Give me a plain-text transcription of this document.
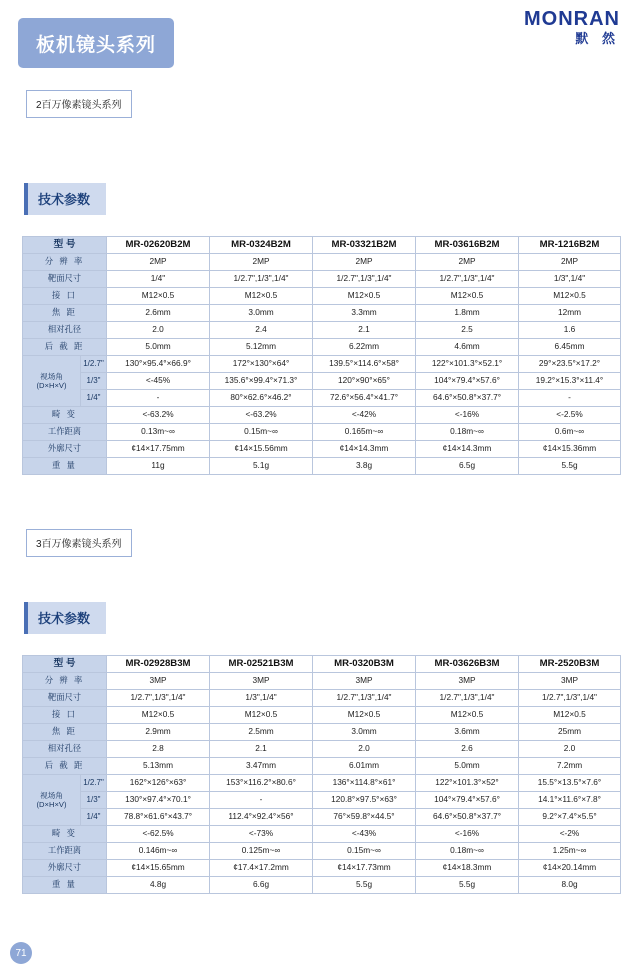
MONRAN
默 然
板机镜头系列
2百万像素镜头系列
技术参数
型 号		MR-02620B2M	MR-0324B2M	MR-03321B2M	MR-03616B2M	MR-1216B2M
分 辨 率		2MP	2MP	2MP	2MP	2MP
靶面尺寸		1/4"	1/2.7",1/3",1/4"	1/2.7",1/3",1/4"	1/2.7",1/3",1/4"	1/3",1/4"
接 口		M12×0.5	M12×0.5	M12×0.5	M12×0.5	M12×0.5
焦 距		2.6mm	3.0mm	3.3mm	1.8mm	12mm
相对孔径		2.0	2.4	2.1	2.5	1.6
后 截 距		5.0mm	5.12mm	6.22mm	4.6mm	6.45mm
视场角
(D×H×V)	1/2.7"	130°×95.4°×66.9°	172°×130°×64°	139.5°×114.6°×58°	122°×101.3°×52.1°	29°×23.5°×17.2°
	1/3"	<-45%	135.6°×99.4°×71.3°	120°×90°×65°	104°×79.4°×57.6°	19.2°×15.3°×11.4°
	1/4"	-	80°×62.6°×46.2°	72.6°×56.4°×41.7°	64.6°×50.8°×37.7°	-
畸 变		<-63.2%	<-63.2%	<-42%	<-16%	<-2.5%
工作距离		0.13m~∞	0.15m~∞	0.165m~∞	0.18m~∞	0.6m~∞
外廓尺寸		¢14×17.75mm	¢14×15.56mm	¢14×14.3mm	¢14×14.3mm	¢14×15.36mm
重 量		11g	5.1g	3.8g	6.5g	5.5g
3百万像素镜头系列
技术参数
型 号		MR-02928B3M	MR-02521B3M	MR-0320B3M	MR-03626B3M	MR-2520B3M
分 辨 率		3MP	3MP	3MP	3MP	3MP
靶面尺寸		1/2.7",1/3",1/4"	1/3",1/4"	1/2.7",1/3",1/4"	1/2.7",1/3",1/4"	1/2.7",1/3",1/4"
接 口		M12×0.5	M12×0.5	M12×0.5	M12×0.5	M12×0.5
焦 距		2.9mm	2.5mm	3.0mm	3.6mm	25mm
相对孔径		2.8	2.1	2.0	2.6	2.0
后 截 距		5.13mm	3.47mm	6.01mm	5.0mm	7.2mm
视场角
(D×H×V)	1/2.7"	162°×126°×63°	153°×116.2°×80.6°	136°×114.8°×61°	122°×101.3°×52°	15.5°×13.5°×7.6°
	1/3"	130°×97.4°×70.1°	-	120.8°×97.5°×63°	104°×79.4°×57.6°	14.1°×11.6°×7.8°
	1/4"	78.8°×61.6°×43.7°	112.4°×92.4°×56°	76°×59.8°×44.5°	64.6°×50.8°×37.7°	9.2°×7.4°×5.5°
畸 变		<-62.5%	<-73%	<-43%	<-16%	<-2%
工作距离		0.146m~∞	0.125m~∞	0.15m~∞	0.18m~∞	1.25m~∞
外廓尺寸		¢14×15.65mm	¢17.4×17.2mm	¢14×17.73mm	¢14×18.3mm	¢14×20.14mm
重 量		4.8g	6.6g	5.5g	5.5g	8.0g
71
